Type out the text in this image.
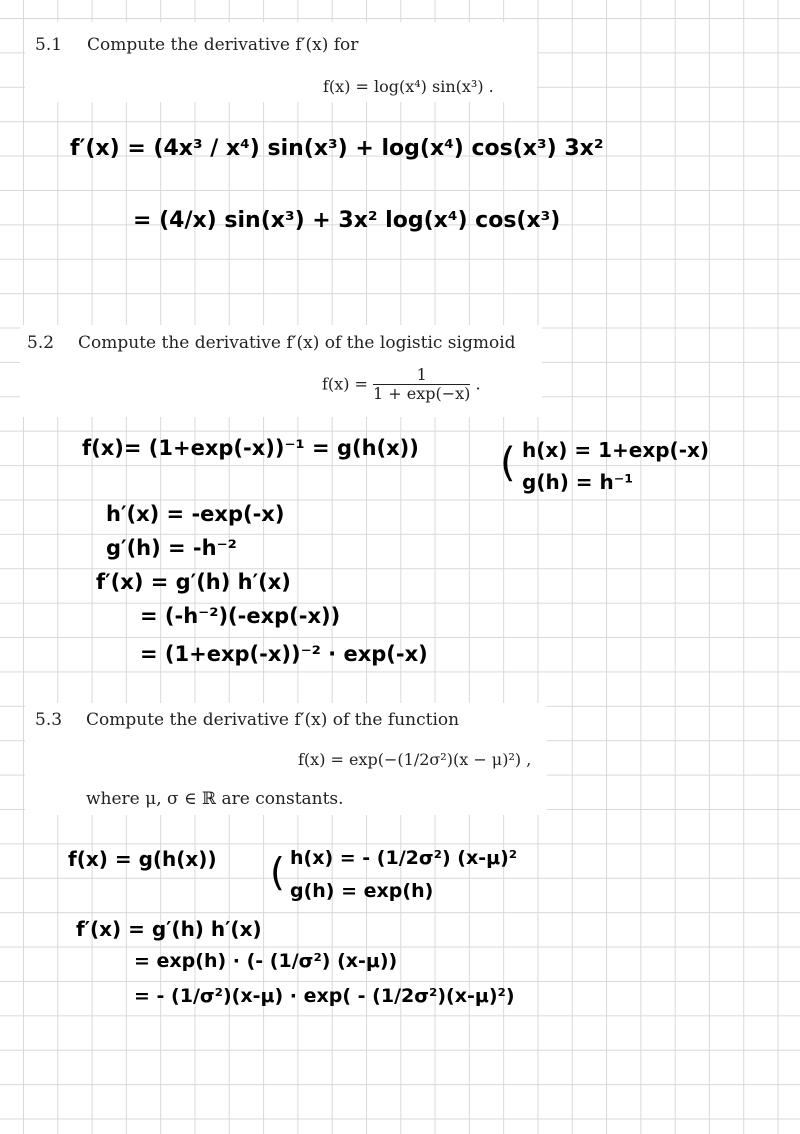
5.1 Compute the derivative f′(x) for
f(x) = log(x⁴) sin(x³) .
f′(x) = (4x³ / x⁴) sin(x³) + log(x⁴) cos(x³) 3x²
= (4/x) sin(x³) + 3x² log(x⁴) cos(x³)
5.2 Compute the derivative f′(x) of the logistic sigmoid
$f(x) = \frac{1}{1 + \exp(-x)}$ .
f(x)= (1+exp(-x))⁻¹ = g(h(x)) ( h(x) = 1+exp(-x)
g(h) = h⁻¹
h′(x) = -exp(-x)
g′(h) = -h⁻²
f′(x) = g′(h) h′(x)
= (-h⁻²)(-exp(-x))
= (1+exp(-x))⁻² · exp(-x)
5.3 Compute the derivative f′(x) of the function
f(x) = exp(−(1/2σ²)(x − μ)²) ,
where μ, σ ∈ ℝ are constants.
f(x) = g(h(x)) ( h(x) = - (1/2σ²) (x-μ)²
g(h) = exp(h)
f′(x) = g′(h) h′(x)
= exp(h) · (- (1/σ²) (x-μ))
= - (1/σ²)(x-μ) · exp( - (1/2σ²)(x-μ)²)
